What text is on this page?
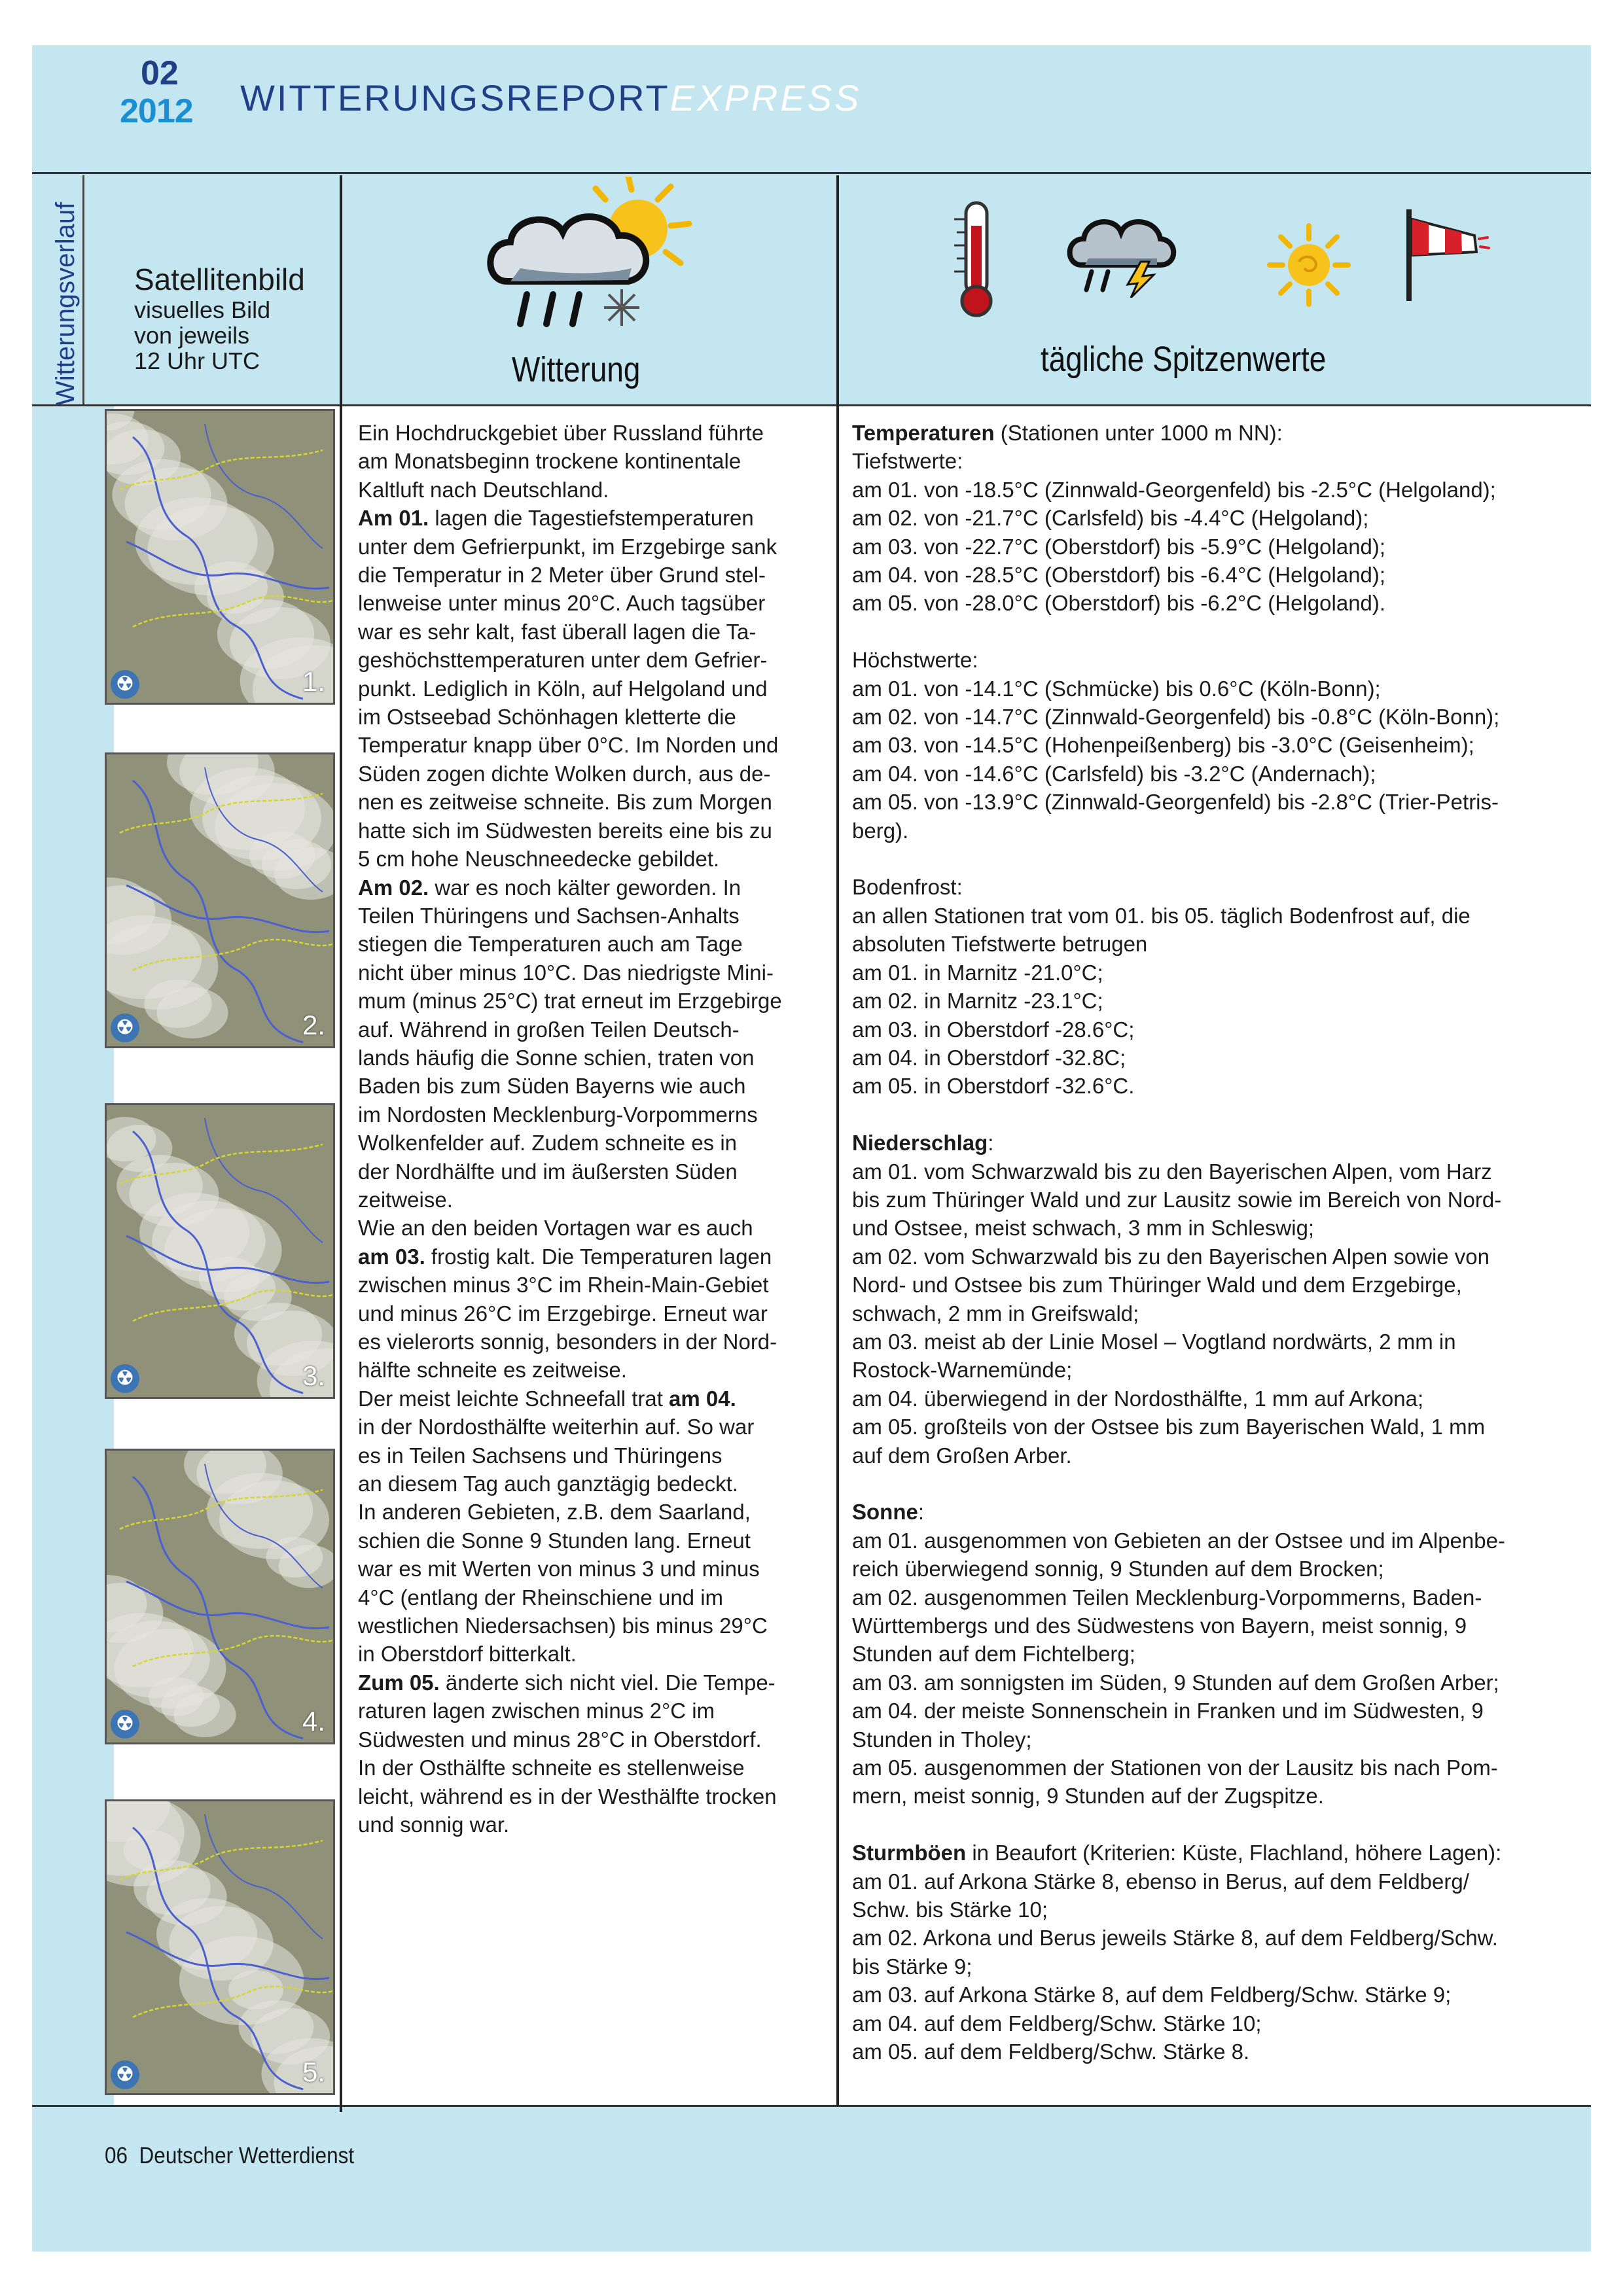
02
2012 WITTERUNGSREPORTEXPRESS
Witterungsverlauf Satellitenbild
visuelles Bild
von jeweils
12 Uhr UTC	Witterung	tägliche Spitzenwerte
1.
☢
2.
☢
3.
☢
4.
☢
5.
☢

Ein Hochdruckgebiet über Russland führte

am Monatsbeginn trockene kontinentale

Kaltluft nach Deutschland.

Am 01. lagen die Tagestiefstemperaturen

unter dem Gefrierpunkt, im Erzgebirge sank

die Temperatur in 2 Meter über Grund stel-

lenweise unter minus 20°C. Auch tagsüber

war es sehr kalt, fast überall lagen die Ta-

geshöchsttemperaturen unter dem Gefrier-

punkt. Lediglich in Köln, auf Helgoland und

im Ostseebad Schönhagen kletterte die

Temperatur knapp über 0°C. Im Norden und

Süden zogen dichte Wolken durch, aus de-

nen es zeitweise schneite. Bis zum Morgen

hatte sich im Südwesten bereits eine bis zu

5 cm hohe Neuschneedecke gebildet.

Am 02. war es noch kälter geworden. In

Teilen Thüringens und Sachsen-Anhalts

stiegen die Temperaturen auch am Tage

nicht über minus 10°C. Das niedrigste Mini-

mum (minus 25°C) trat erneut im Erzgebirge

auf. Während in großen Teilen Deutsch-

lands häufig die Sonne schien, traten von

Baden bis zum Süden Bayerns wie auch

im Nordosten Mecklenburg-Vorpommerns

Wolkenfelder auf. Zudem schneite es in

der Nordhälfte und im äußersten Süden

zeitweise.

Wie an den beiden Vortagen war es auch

am 03. frostig kalt. Die Temperaturen lagen

zwischen minus 3°C im Rhein-Main-Gebiet

und minus 26°C im Erzgebirge. Erneut war

es vielerorts sonnig, besonders in der Nord-

hälfte schneite es zeitweise.

Der meist leichte Schneefall trat am 04.

in der Nordosthälfte weiterhin auf. So war

es in Teilen Sachsens und Thüringens

an diesem Tag auch ganztägig bedeckt.

In anderen Gebieten, z.B. dem Saarland,

schien die Sonne 9 Stunden lang. Erneut

war es mit Werten von minus 3 und minus

4°C (entlang der Rheinschiene und im

westlichen Niedersachsen) bis minus 29°C

in Oberstdorf bitterkalt.

Zum 05. änderte sich nicht viel. Die Tempe-

raturen lagen zwischen minus 2°C im

Südwesten und minus 28°C in Oberstdorf.

In der Osthälfte schneite es stellenweise

leicht, während es in der Westhälfte trocken

und sonnig war.

Temperaturen (Stationen unter 1000 m NN):

Tiefstwerte:

am 01. von -18.5°C (Zinnwald-Georgenfeld) bis -2.5°C (Helgoland);

am 02. von -21.7°C (Carlsfeld) bis -4.4°C (Helgoland);

am 03. von -22.7°C (Oberstdorf) bis -5.9°C (Helgoland);

am 04. von -28.5°C (Oberstdorf) bis -6.4°C (Helgoland);

am 05. von -28.0°C (Oberstdorf) bis -6.2°C (Helgoland).

Höchstwerte:

am 01. von -14.1°C (Schmücke) bis 0.6°C (Köln-Bonn);

am 02. von -14.7°C (Zinnwald-Georgenfeld) bis -0.8°C (Köln-Bonn);

am 03. von -14.5°C (Hohenpeißenberg) bis -3.0°C (Geisenheim);

am 04. von -14.6°C (Carlsfeld) bis -3.2°C (Andernach);

am 05. von -13.9°C (Zinnwald-Georgenfeld) bis -2.8°C (Trier-Petris-

berg).

Bodenfrost:

an allen Stationen trat vom 01. bis 05. täglich Bodenfrost auf, die

absoluten Tiefstwerte betrugen

am 01. in Marnitz -21.0°C;

am 02. in Marnitz -23.1°C;

am 03. in Oberstdorf -28.6°C;

am 04. in Oberstdorf -32.8C;

am 05. in Oberstdorf -32.6°C.

Niederschlag:

am 01. vom Schwarzwald bis zu den Bayerischen Alpen, vom Harz

bis zum Thüringer Wald und zur Lausitz sowie im Bereich von Nord-

und Ostsee, meist schwach, 3 mm in Schleswig;

am 02. vom Schwarzwald bis zu den Bayerischen Alpen sowie von

Nord- und Ostsee bis zum Thüringer Wald und dem Erzgebirge,

schwach, 2 mm in Greifswald;

am 03. meist ab der Linie Mosel – Vogtland nordwärts, 2 mm in

Rostock-Warnemünde;

am 04. überwiegend in der Nordosthälfte, 1 mm auf Arkona;

am 05. großteils von der Ostsee bis zum Bayerischen Wald, 1 mm

auf dem Großen Arber.

Sonne:

am 01. ausgenommen von Gebieten an der Ostsee und im Alpenbe-

reich überwiegend sonnig, 9 Stunden auf dem Brocken;

am 02. ausgenommen Teilen Mecklenburg-Vorpommerns, Baden-

Württembergs und des Südwestens von Bayern, meist sonnig, 9

Stunden auf dem Fichtelberg;

am 03. am sonnigsten im Süden, 9 Stunden auf dem Großen Arber;

am 04. der meiste Sonnenschein in Franken und im Südwesten, 9

Stunden in Tholey;

am 05. ausgenommen der Stationen von der Lausitz bis nach Pom-

mern, meist sonnig, 9 Stunden auf der Zugspitze.

Sturmböen in Beaufort (Kriterien: Küste, Flachland, höhere Lagen):

am 01. auf Arkona Stärke 8, ebenso in Berus, auf dem Feldberg/

Schw. bis Stärke 10;

am 02. Arkona und Berus jeweils Stärke 8, auf dem Feldberg/Schw.

bis Stärke 9;

am 03. auf Arkona Stärke 8, auf dem Feldberg/Schw. Stärke 9;

am 04. auf dem Feldberg/Schw. Stärke 10;

am 05. auf dem Feldberg/Schw. Stärke 8.

06 Deutscher Wetterdienst
